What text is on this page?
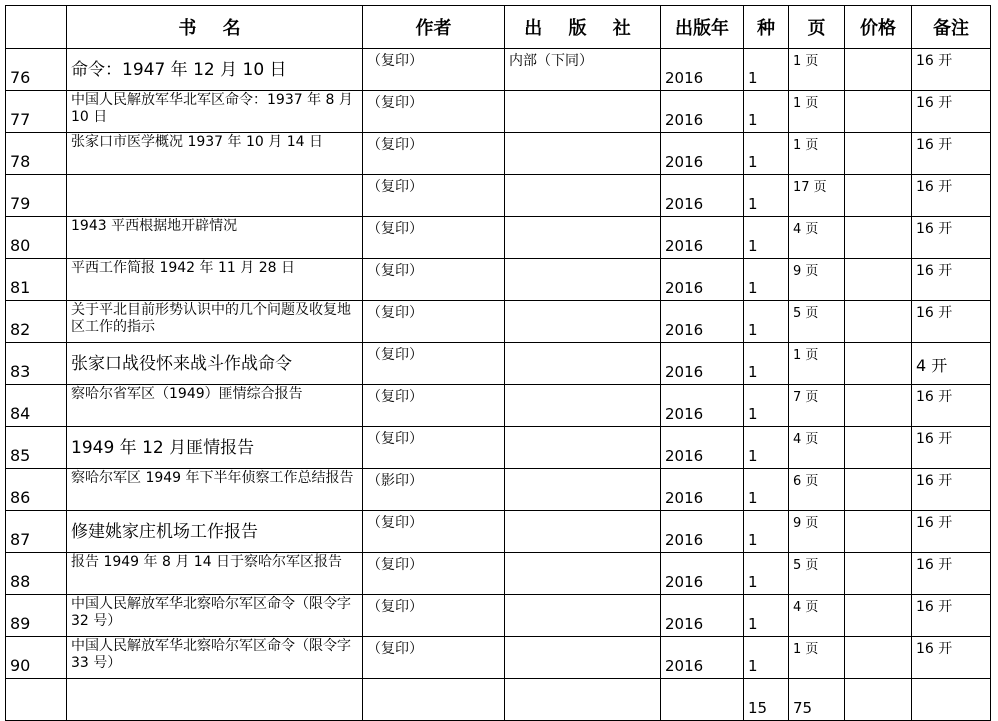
	书 名	作者	出 版 社	出版年	种	页	价格	备注
76	命令：1947 年 12 月 10 日	（复印）	内部（下同）	2016	1	1 页		16 开
77	中国人民解放军华北军区命令：1937 年 8 月 10 日	（复印）		2016	1	1 页		16 开
78	张家口市医学概况 1937 年 10 月 14 日	（复印）		2016	1	1 页		16 开
79		（复印）		2016	1	17 页		16 开
80	1943 平西根据地开辟情况	（复印）		2016	1	4 页		16 开
81	平西工作简报 1942 年 11 月 28 日	（复印）		2016	1	9 页		16 开
82	关于平北目前形势认识中的几个问题及收复地区工作的指示	（复印）		2016	1	5 页		16 开
83	张家口战役怀来战斗作战命令	（复印）		2016	1	1 页		4 开
84	察哈尔省军区（1949）匪情综合报告	（复印）		2016	1	7 页		16 开
85	1949 年 12 月匪情报告	（复印）		2016	1	4 页		16 开
86	察哈尔军区 1949 年下半年侦察工作总结报告	（影印）		2016	1	6 页		16 开
87	修建姚家庄机场工作报告	（复印）		2016	1	9 页		16 开
88	报告 1949 年 8 月 14 日于察哈尔军区报告	（复印）		2016	1	5 页		16 开
89	中国人民解放军华北察哈尔军区命令（限令字 32 号）	（复印）		2016	1	4 页		16 开
90	中国人民解放军华北察哈尔军区命令（限令字 33 号）	（复印）		2016	1	1 页		16 开
					15	75		
